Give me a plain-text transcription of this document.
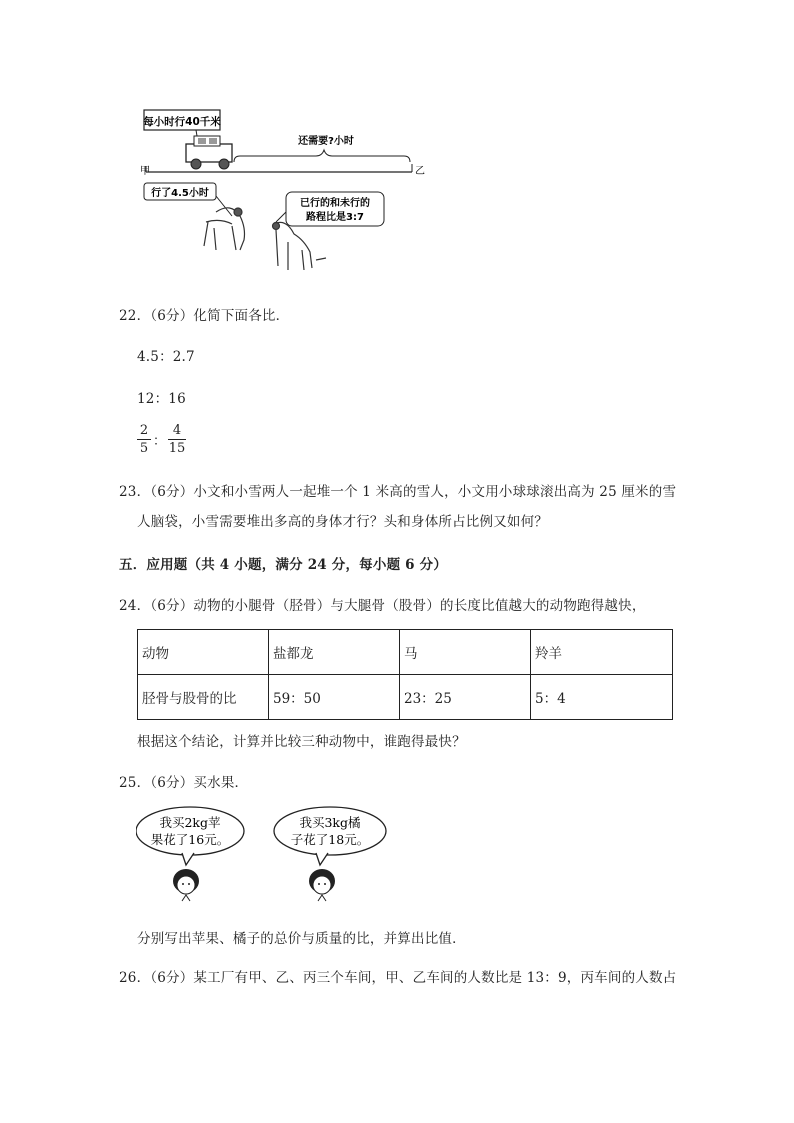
每小时行40千米
甲	乙
还需要?小时
行了4.5小时
已行的和未行的
路程比是3:7
22．（6分）化简下面各比．
4.5：2.7
12：16
$\frac{2}{5}$ ： $\frac{4}{15}$
23．（6分）小文和小雪两人一起堆一个 1 米高的雪人，小文用小球球滚出高为 25 厘米的雪
人脑袋，小雪需要堆出多高的身体才行？头和身体所占比例又如何？
五．应用题（共 4 小题，满分 24 分，每小题 6 分）
24．（6分）动物的小腿骨（胫骨）与大腿骨（股骨）的长度比值越大的动物跑得越快，
动物	盐都龙	马	羚羊
胫骨与股骨的比	59：50	23：25	5：4
根据这个结论，计算并比较三种动物中，谁跑得最快？
25．（6分）买水果．
我买2kg苹
果花了16元。
我买3kg橘
子花了18元。
分别写出苹果、橘子的总价与质量的比，并算出比值．
26．（6分）某工厂有甲、乙、丙三个车间，甲、乙车间的人数比是 13：9，丙车间的人数占
